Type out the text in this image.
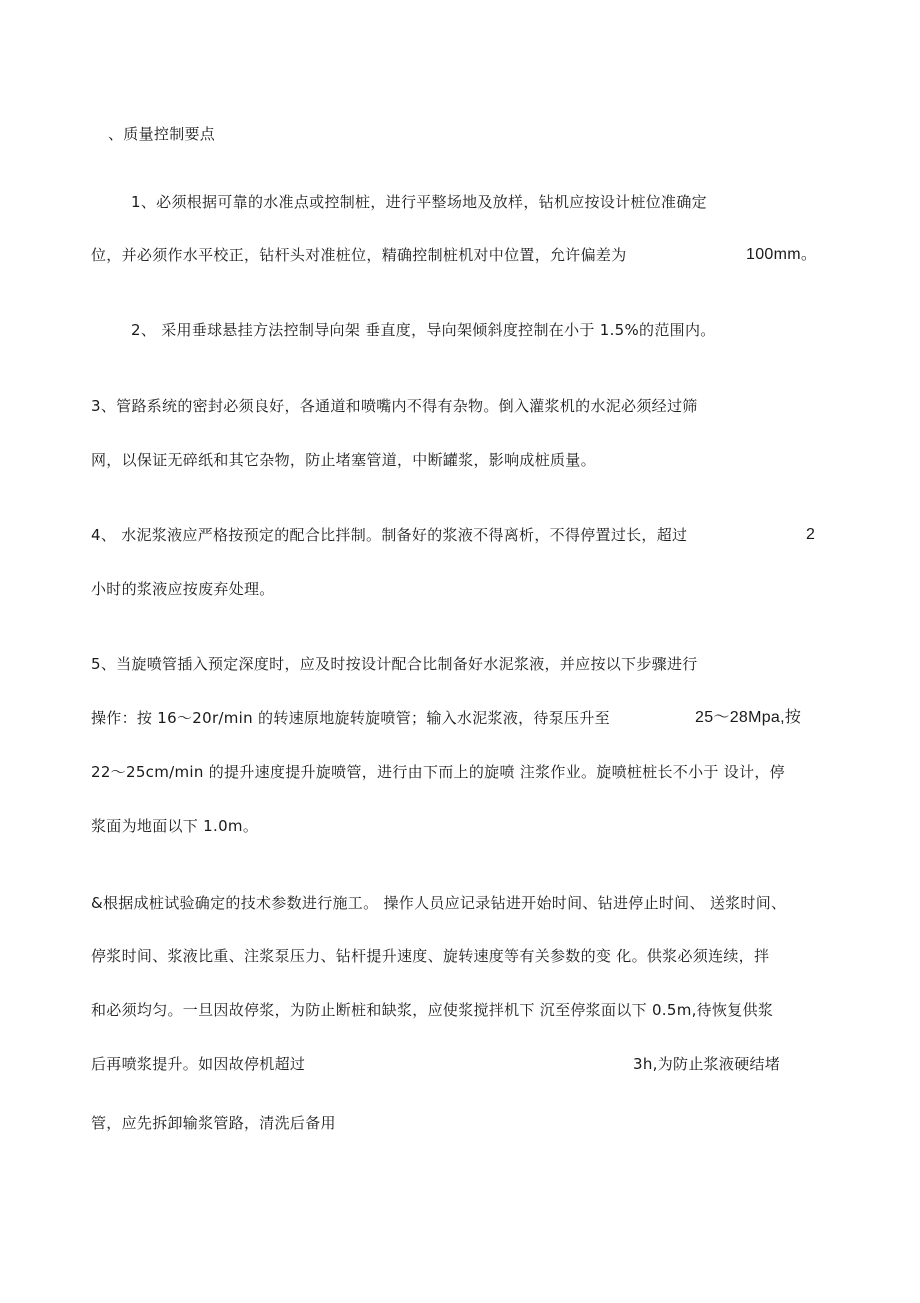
、质量控制要点
1、必须根据可靠的水准点或控制桩，进行平整场地及放样，钻机应按设计桩位准确定
位，并必须作水平校正，钻杆头对准桩位，精确控制桩机对中位置，允许偏差为	100mm。
2、 采用垂球悬挂方法控制导向架 垂直度，导向架倾斜度控制在小于 1.5%的范围内。
3、管路系统的密封必须良好，各通道和喷嘴内不得有杂物。倒入灌浆机的水泥必须经过筛
网，以保证无碎纸和其它杂物，防止堵塞管道，中断罐浆，影响成桩质量。
4、 水泥浆液应严格按预定的配合比拌制。制备好的浆液不得离析，不得停置过长，超过	2
小时的浆液应按废弃处理。
5、当旋喷管插入预定深度时，应及时按设计配合比制备好水泥浆液，并应按以下步骤进行
操作：按 16～20r/min 的转速原地旋转旋喷管；输入水泥浆液，待泵压升至	25～28Mpa,按
22～25cm/min 的提升速度提升旋喷管，进行由下而上的旋喷 注浆作业。旋喷桩桩长不小于 设计，停
浆面为地面以下 1.0m。
&根据成桩试验确定的技术参数进行施工。 操作人员应记录钻进开始时间、钻进停止时间、 送浆时间、
停浆时间、浆液比重、注浆泵压力、钻杆提升速度、旋转速度等有关参数的变 化。供浆必须连续，拌
和必须均匀。一旦因故停浆，为防止断桩和缺浆，应使浆搅拌机下 沉至停浆面以下 0.5m,待恢复供浆
后再喷浆提升。如因故停机超过	3h,为防止浆液硬结堵
管，应先拆卸输浆管路，清洗后备用
